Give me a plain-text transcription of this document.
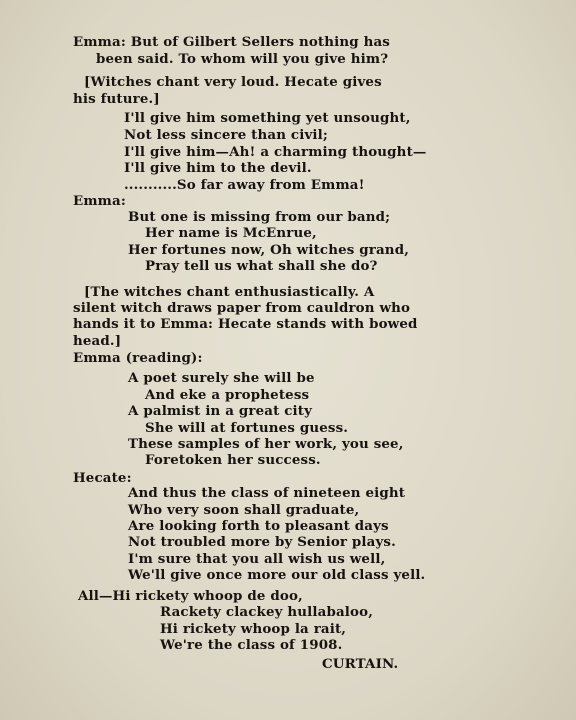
Emma: But of Gilbert Sellers nothing has
been said. To whom will you give him?
[Witches chant very loud. Hecate gives
his future.]
I'll give him something yet unsought,
Not less sincere than civil;
I'll give him—Ah! a charming thought—
I'll give him to the devil.
...........So far away from Emma!
Emma:
But one is missing from our band;
Her name is McEnrue,
Her fortunes now, Oh witches grand,
Pray tell us what shall she do?
[The witches chant enthusiastically. A
silent witch draws paper from cauldron who
hands it to Emma: Hecate stands with bowed
head.]
Emma (reading):
A poet surely she will be
And eke a prophetess
A palmist in a great city
She will at fortunes guess.
These samples of her work, you see,
Foretoken her success.
Hecate:
And thus the class of nineteen eight
Who very soon shall graduate,
Are looking forth to pleasant days
Not troubled more by Senior plays.
I'm sure that you all wish us well,
We'll give once more our old class yell.
All—Hi rickety whoop de doo,
Rackety clackey hullabaloo,
Hi rickety whoop la rait,
We're the class of 1908.
CURTAIN.
